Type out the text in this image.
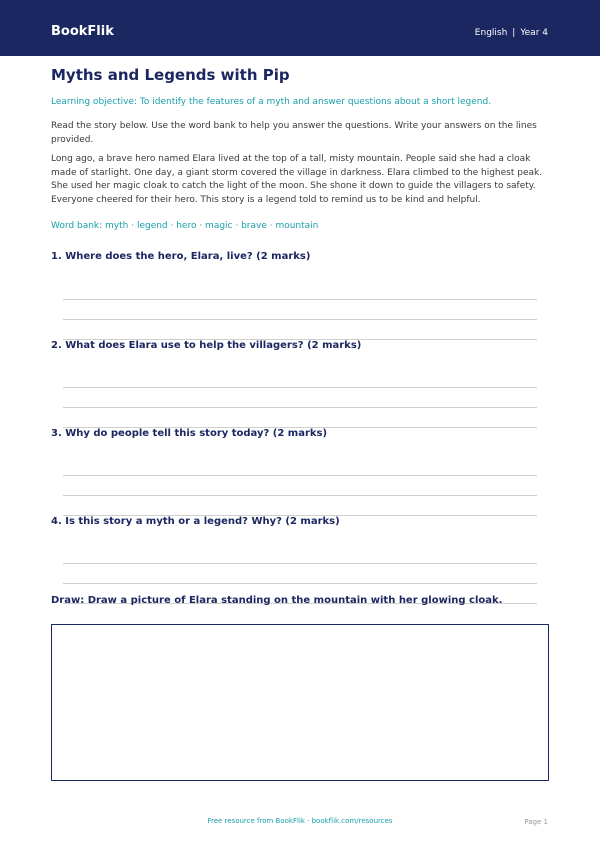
BookFlik	English | Year 4
Myths and Legends with Pip
Learning objective: To identify the features of a myth and answer questions about a short legend.
Read the story below. Use the word bank to help you answer the questions. Write your answers on the lines provided.
Long ago, a brave hero named Elara lived at the top of a tall, misty mountain. People said she had a cloak made of starlight. One day, a giant storm covered the village in darkness. Elara climbed to the highest peak. She used her magic cloak to catch the light of the moon. She shone it down to guide the villagers to safety. Everyone cheered for their hero. This story is a legend told to remind us to be kind and helpful.
Word bank: myth · legend · hero · magic · brave · mountain
1. Where does the hero, Elara, live? (2 marks)
2. What does Elara use to help the villagers? (2 marks)
3. Why do people tell this story today? (2 marks)
4. Is this story a myth or a legend? Why? (2 marks)
Draw: Draw a picture of Elara standing on the mountain with her glowing cloak.
Free resource from BookFlik · bookflik.com/resources	Page 1
